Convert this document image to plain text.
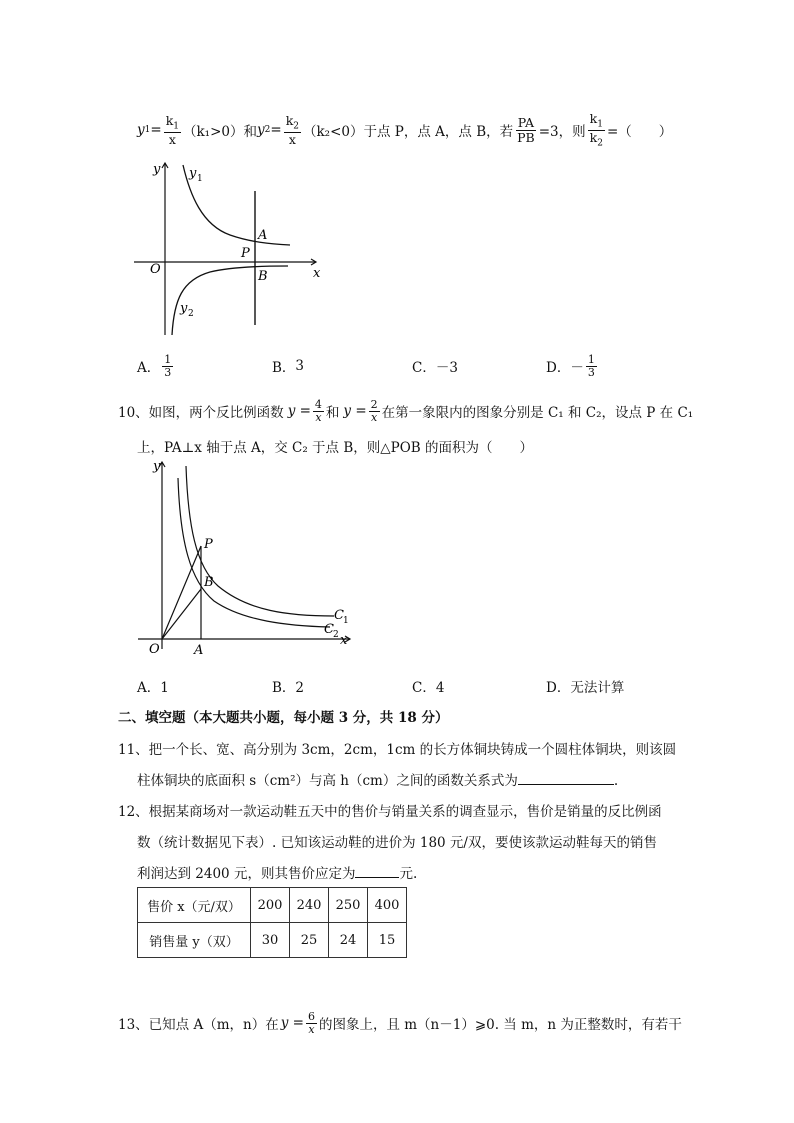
y $1 = \frac{k_1}{x} (k_1>0)$和 y $2 = \frac{k_2}{x} (k_2<0)$于点 P，点 A，点 B，若 $\frac{PA}{PB} =3$，则 $\frac{k_1}{k_2}$ =（　　）
y
x
O
y 1
y 2
A
P
B
A． $\frac{1}{3}$	B． 3	C． －3	D． － $\frac{1}{3}$
10、如图，两个反比例函数 $y = \frac{4}{x}$ 和 $y = \frac{2}{x}$ 在第一象限内的图象分别是 C₁ 和 C₂，设点 P 在 C₁
上，PA⊥x 轴于点 A，交 C₂ 于点 B，则△POB 的面积为（　　）
y
x
O	A
P
B
C 1
C 2
A．1	B．2	C．4	D．无法计算
二、填空题（本大题共小题，每小题 3 分，共 18 分）
11、把一个长、宽、高分别为 3cm，2cm，1cm 的长方体铜块铸成一个圆柱体铜块，则该圆
柱体铜块的底面积 s（cm²）与高 h（cm）之间的函数关系式为	.
12、根据某商场对一款运动鞋五天中的售价与销量关系的调查显示，售价是销量的反比例函
数（统计数据见下表）. 已知该运动鞋的进价为 180 元/双，要使该款运动鞋每天的销售
利润达到 2400 元，则其售价应定为	元.
售价 x（元/双）	200	240	250	400
销售量 y（双）	30	25	24	15
13、已知点 A（m，n）在 $y = \frac{6}{x}$ 的图象上，且 m（n－1）⩾0. 当 m，n 为正整数时，有若干
